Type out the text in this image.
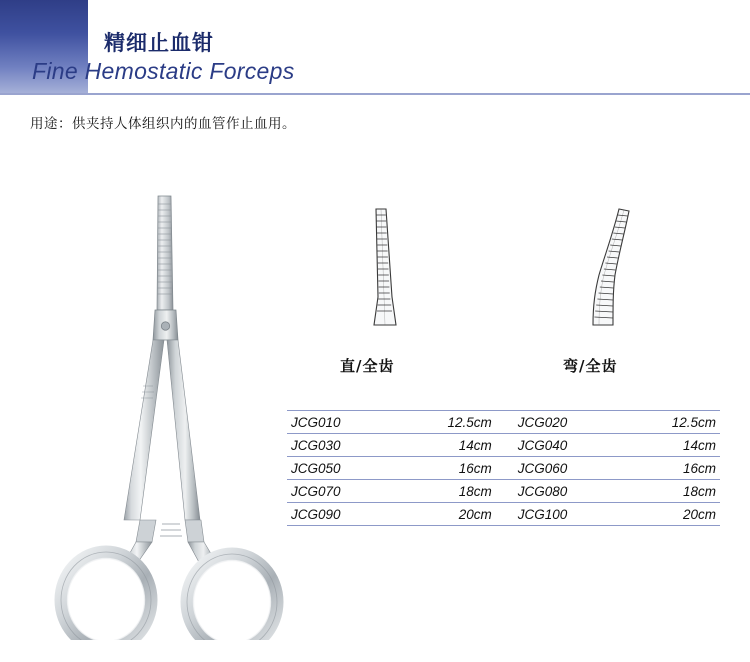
精细止血钳
Fine Hemostatic Forceps
用途：供夹持人体组织内的血管作止血用。
直/全齿	弯/全齿
JCG010	12.5cm	JCG020	12.5cm
JCG030	14cm	JCG040	14cm
JCG050	16cm	JCG060	16cm
JCG070	18cm	JCG080	18cm
JCG090	20cm	JCG100	20cm
